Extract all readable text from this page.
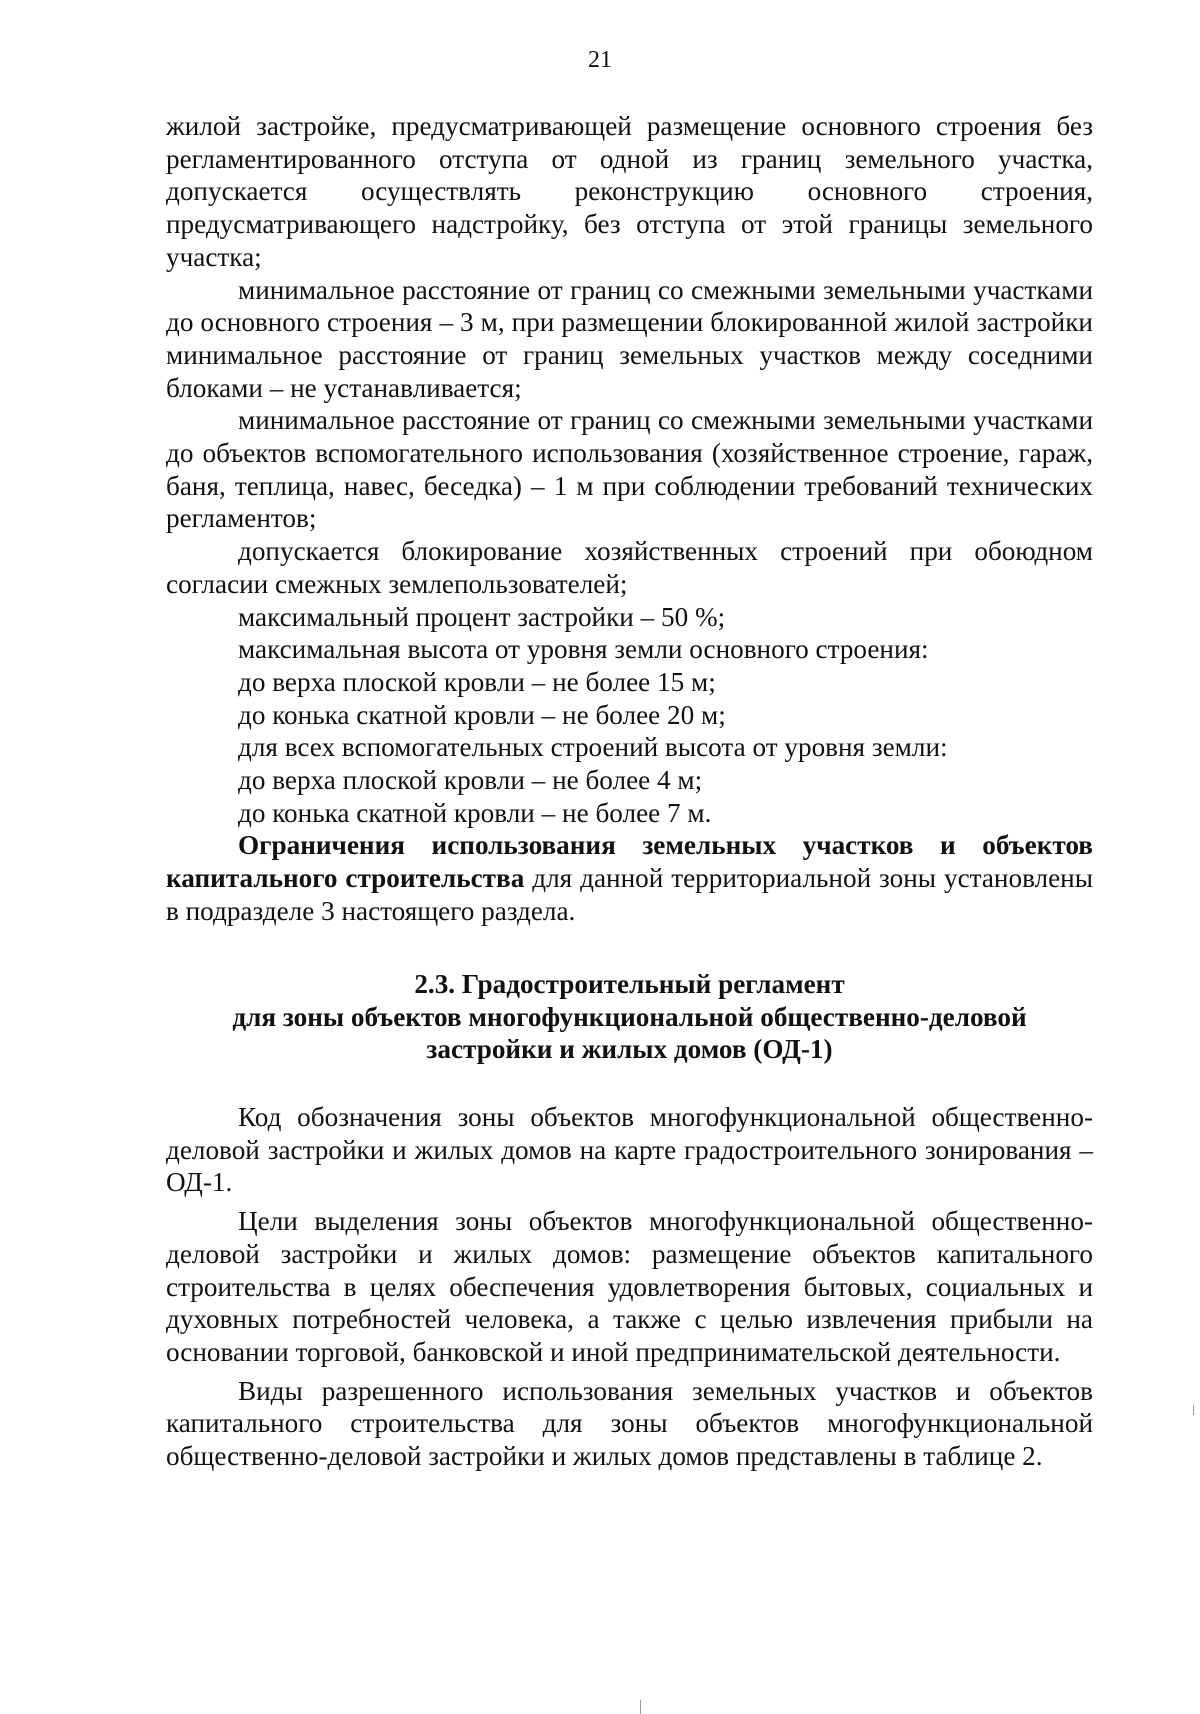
21

жилой застройке, предусматривающей размещение основного строения без регламентированного отступа от одной из границ земельного участка, допускается осуществлять реконструкцию основного строения, предусматривающего надстройку, без отступа от этой границы земельного участка;

минимальное расстояние от границ со смежными земельными участками до основного строения – 3 м, при размещении блокированной жилой застройки минимальное расстояние от границ земельных участков между соседними блоками – не устанавливается;

минимальное расстояние от границ со смежными земельными участками до объектов вспомогательного использования (хозяйственное строение, гараж, баня, теплица, навес, беседка) – 1 м при соблюдении требований технических регламентов;

допускается блокирование хозяйственных строений при обоюдном согласии смежных землепользователей;

максимальный процент застройки – 50 %;

максимальная высота от уровня земли основного строения:

до верха плоской кровли – не более 15 м;

до конька скатной кровли – не более 20 м;

для всех вспомогательных строений высота от уровня земли:

до верха плоской кровли – не более 4 м;

до конька скатной кровли – не более 7 м.

Ограничения использования земельных участков и объектов капитального строительства для данной территориальной зоны установлены в подразделе 3 настоящего раздела.

2.3. Градостроительный регламент
для зоны объектов многофункциональной общественно-деловой
застройки и жилых домов (ОД-1)

Код обозначения зоны объектов многофункциональной общественно-деловой застройки и жилых домов на карте градостроительного зонирования – ОД-1.

Цели выделения зоны объектов многофункциональной общественно-деловой застройки и жилых домов: размещение объектов капитального строительства в целях обеспечения удовлетворения бытовых, социальных и духовных потребностей человека, а также с целью извлечения прибыли на основании торговой, банковской и иной предпринимательской деятельности.

Виды разрешенного использования земельных участков и объектов капитального строительства для зоны объектов многофункциональной общественно-деловой застройки и жилых домов представлены в таблице 2.
